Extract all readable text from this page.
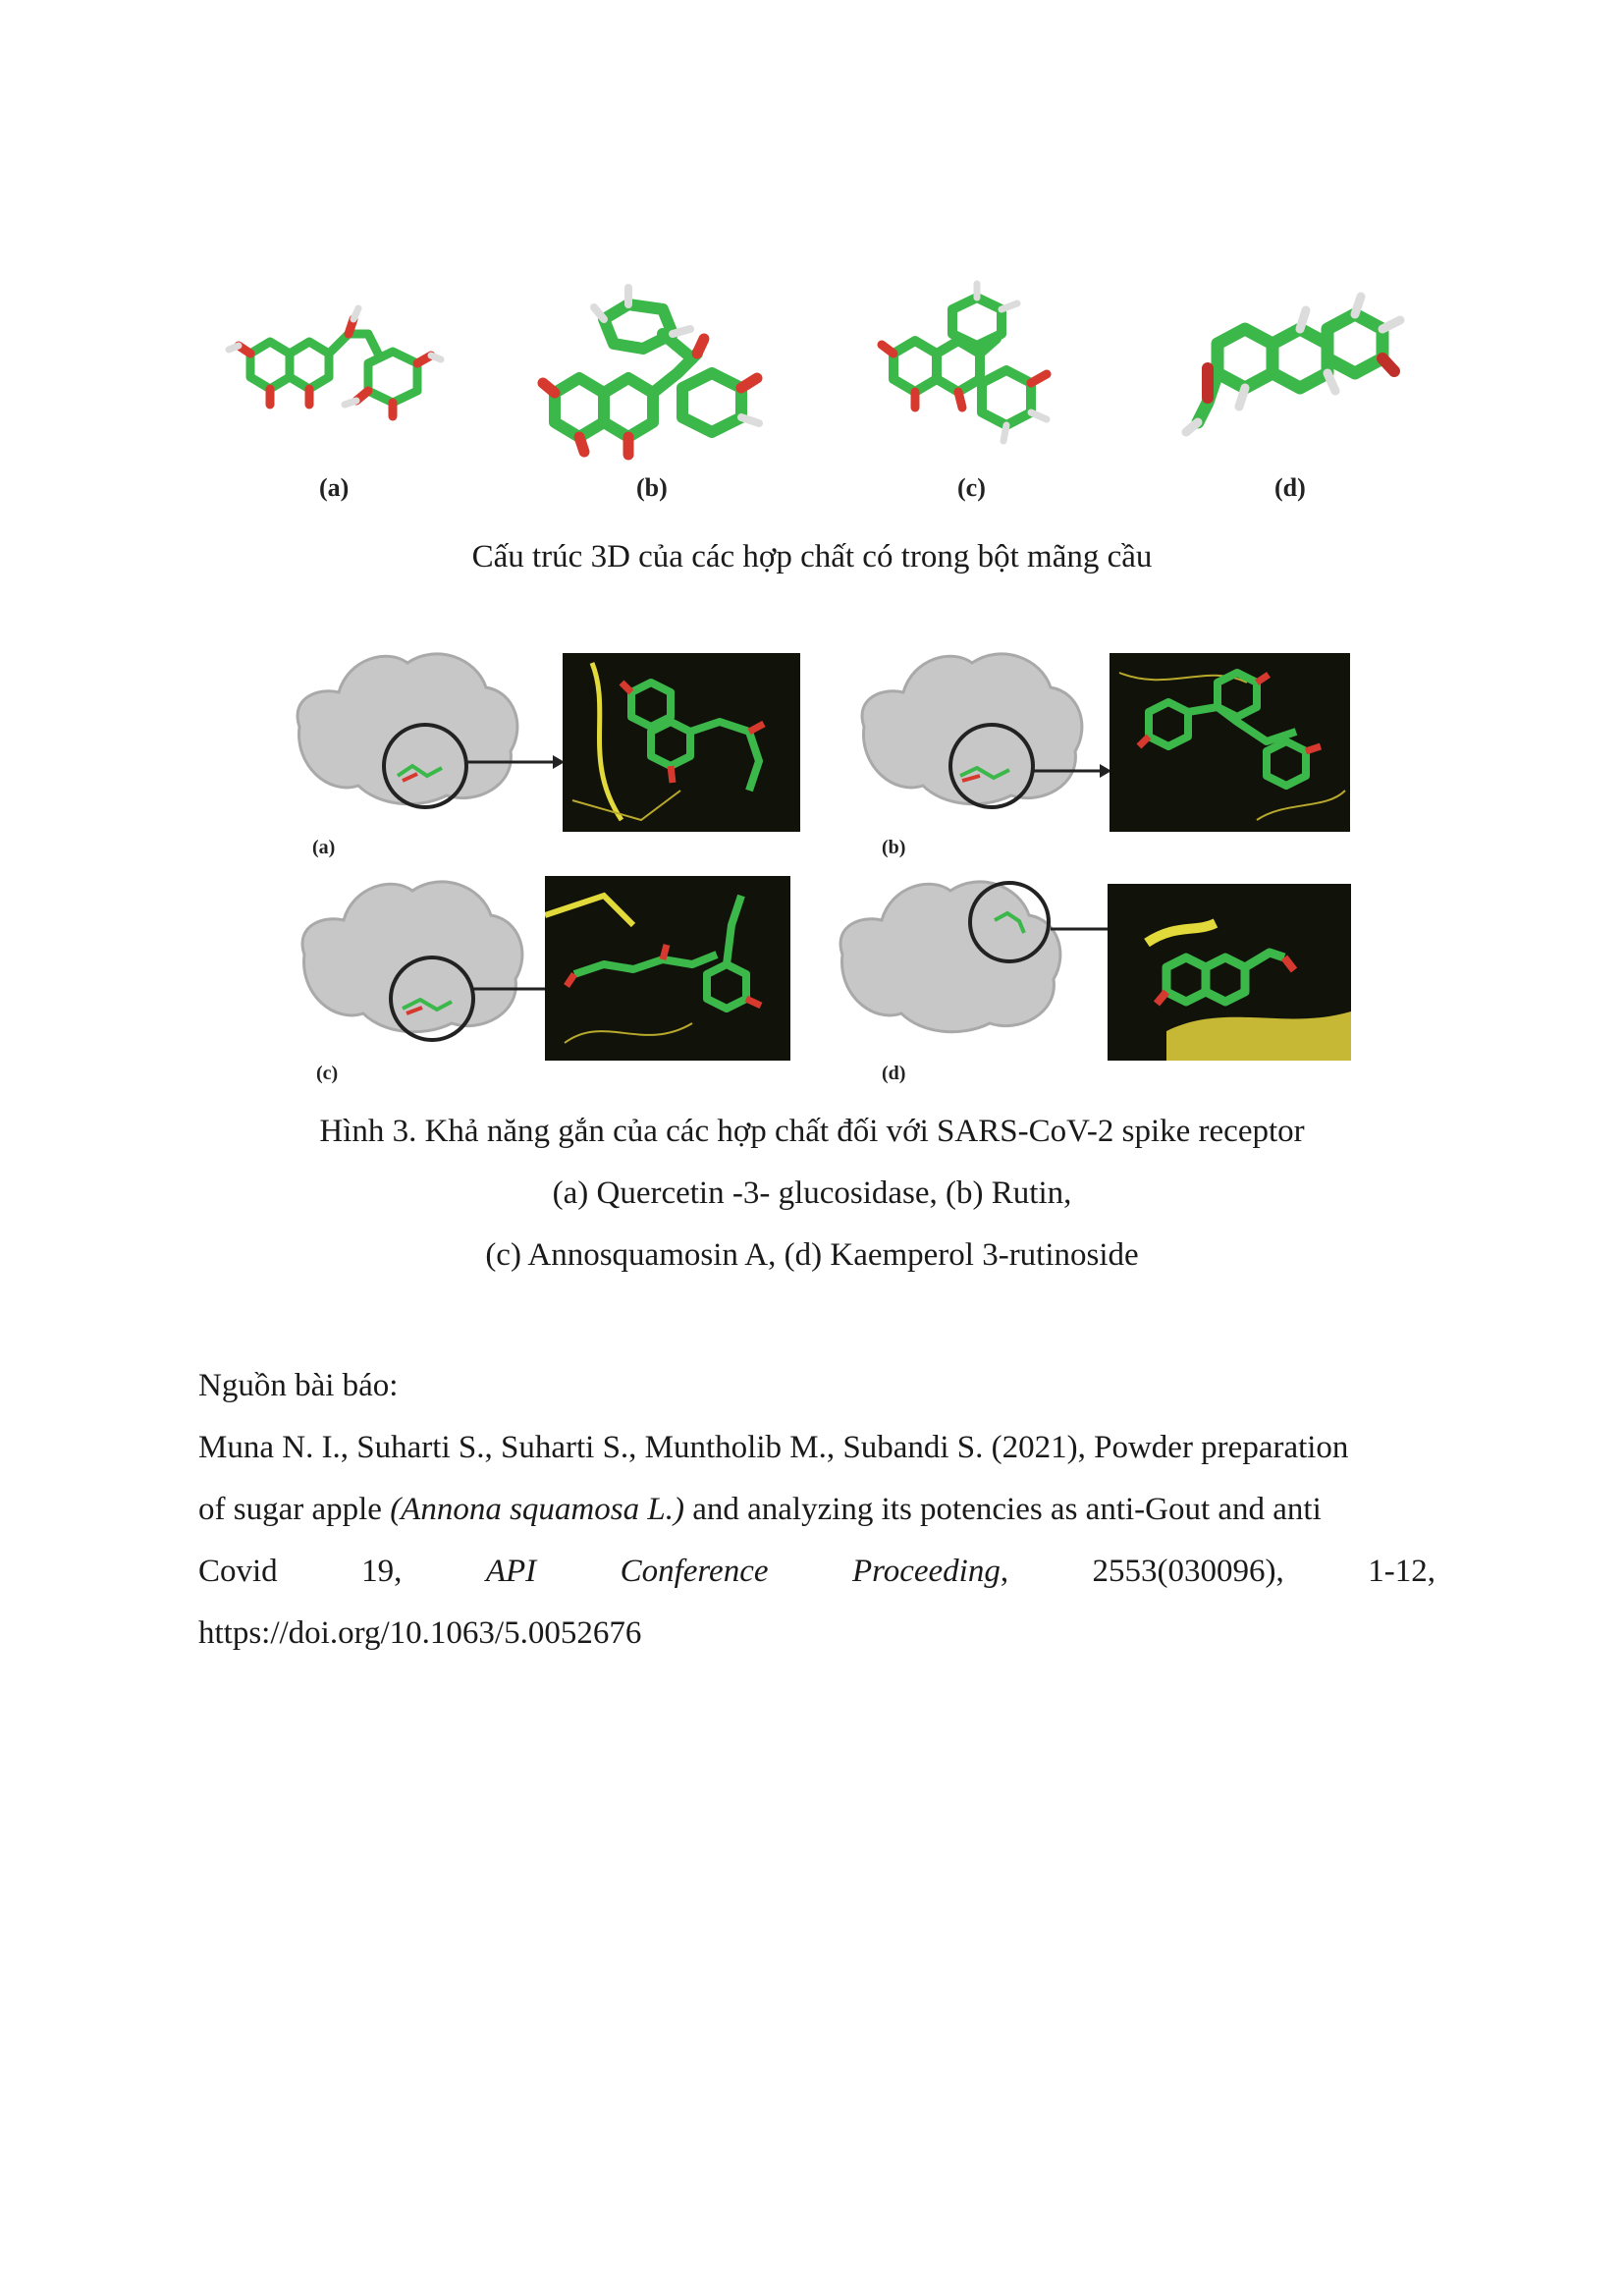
(a)	(b)	(c)	(d)
Cấu trúc 3D của các hợp chất có trong bột mãng cầu
(a)	(b)
(c)	(d)
Hình 3. Khả năng gắn của các hợp chất đối với SARS-CoV-2 spike receptor
(a) Quercetin -3- glucosidase, (b) Rutin,
(c) Annosquamosin A, (d) Kaemperol 3-rutinoside
Nguồn bài báo:
Muna N. I., Suharti S., Suharti S., Muntholib M., Subandi S. (2021), Powder preparation
of sugar apple (Annona squamosa L.) and analyzing its potencies as anti-Gout and anti
Covid	19,	API	Conference	Proceeding,	2553(030096),	1-12,
https://doi.org/10.1063/5.0052676
